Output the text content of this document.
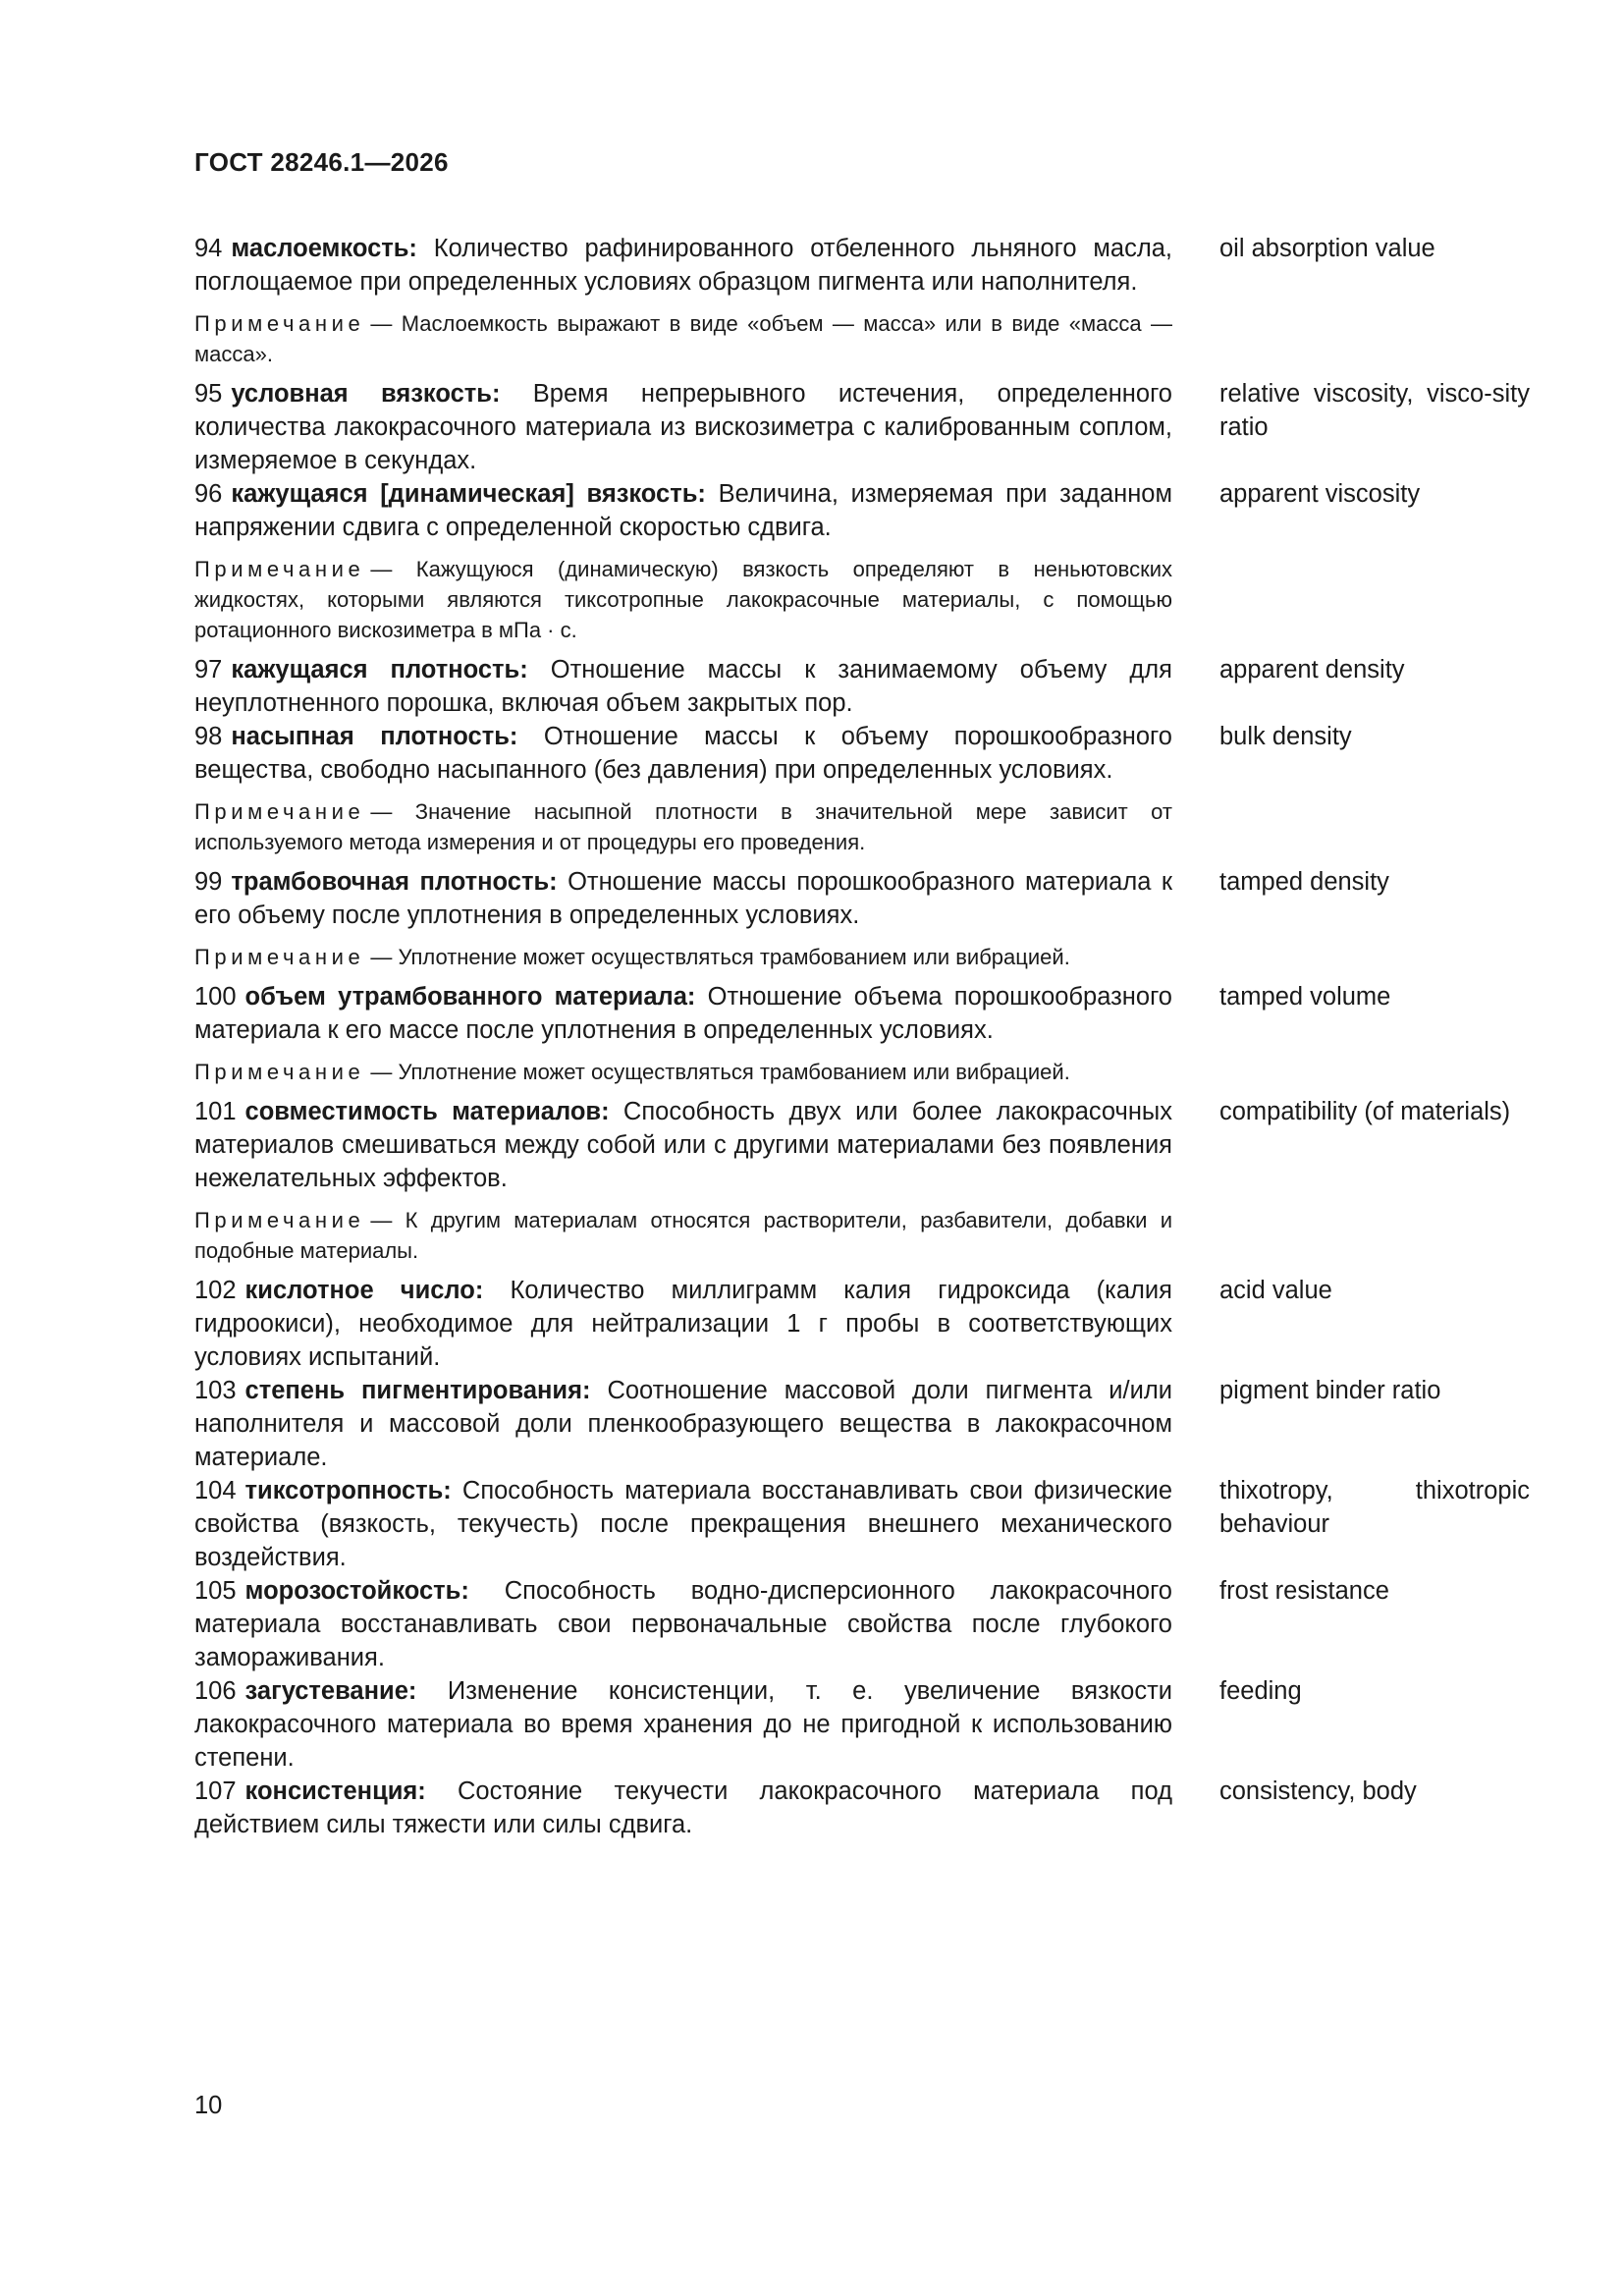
ГОСТ 28246.1—2026
94 маслоемкость: Количество рафинированного отбеленного льняного масла, поглощаемое при определенных условиях образцом пигмента или наполнителя.
oil absorption value
Примечание — Маслоемкость выражают в виде «объем — масса» или в виде «масса — масса».
95 условная вязкость: Время непрерывного истечения, определенного количества лакокрасочного материала из вискозиметра с калиброванным соплом, измеряемое в секундах.
relative viscosity, visco-sity ratio
96 кажущаяся [динамическая] вязкость: Величина, измеряемая при заданном напряжении сдвига с определенной скоростью сдвига.
apparent viscosity
Примечание — Кажущуюся (динамическую) вязкость определяют в неньютовских жидкостях, которыми являются тиксотропные лакокрасочные материалы, с помощью ротационного вискозиметра в мПа · с.
97 кажущаяся плотность: Отношение массы к занимаемому объему для неуплотненного порошка, включая объем закрытых пор.
apparent density
98 насыпная плотность: Отношение массы к объему порошкообразного вещества, свободно насыпанного (без давления) при определенных условиях.
bulk density
Примечание — Значение насыпной плотности в значительной мере зависит от используемого метода измерения и от процедуры его проведения.
99 трамбовочная плотность: Отношение массы порошкообразного материала к его объему после уплотнения в определенных условиях.
tamped density
Примечание — Уплотнение может осуществляться трамбованием или вибрацией.
100 объем утрамбованного материала: Отношение объема порошкообразного материала к его массе после уплотнения в определенных условиях.
tamped volume
Примечание — Уплотнение может осуществляться трамбованием или вибрацией.
101 совместимость материалов: Способность двух или более лакокрасочных материалов смешиваться между собой или с другими материалами без появления нежелательных эффектов.
compatibility (of materials)
Примечание — К другим материалам относятся растворители, разбавители, добавки и подобные материалы.
102 кислотное число: Количество миллиграмм калия гидроксида (калия гидроокиси), необходимое для нейтрализации 1 г пробы в соответствующих условиях испытаний.
acid value
103 степень пигментирования: Соотношение массовой доли пигмента и/или наполнителя и массовой доли пленкообразующего вещества в лакокрасочном материале.
pigment binder ratio
104 тиксотропность: Способность материала восстанавливать свои физические свойства (вязкость, текучесть) после прекращения внешнего механического воздействия.
thixotropy, thixotropic behaviour
105 морозостойкость: Способность водно-дисперсионного лакокрасочного материала восстанавливать свои первоначальные свойства после глубокого замораживания.
frost resistance
106 загустевание: Изменение консистенции, т. е. увеличение вязкости лакокрасочного материала во время хранения до не пригодной к использованию степени.
feeding
107 консистенция: Состояние текучести лакокрасочного материала под действием силы тяжести или силы сдвига.
consistency, body
10
